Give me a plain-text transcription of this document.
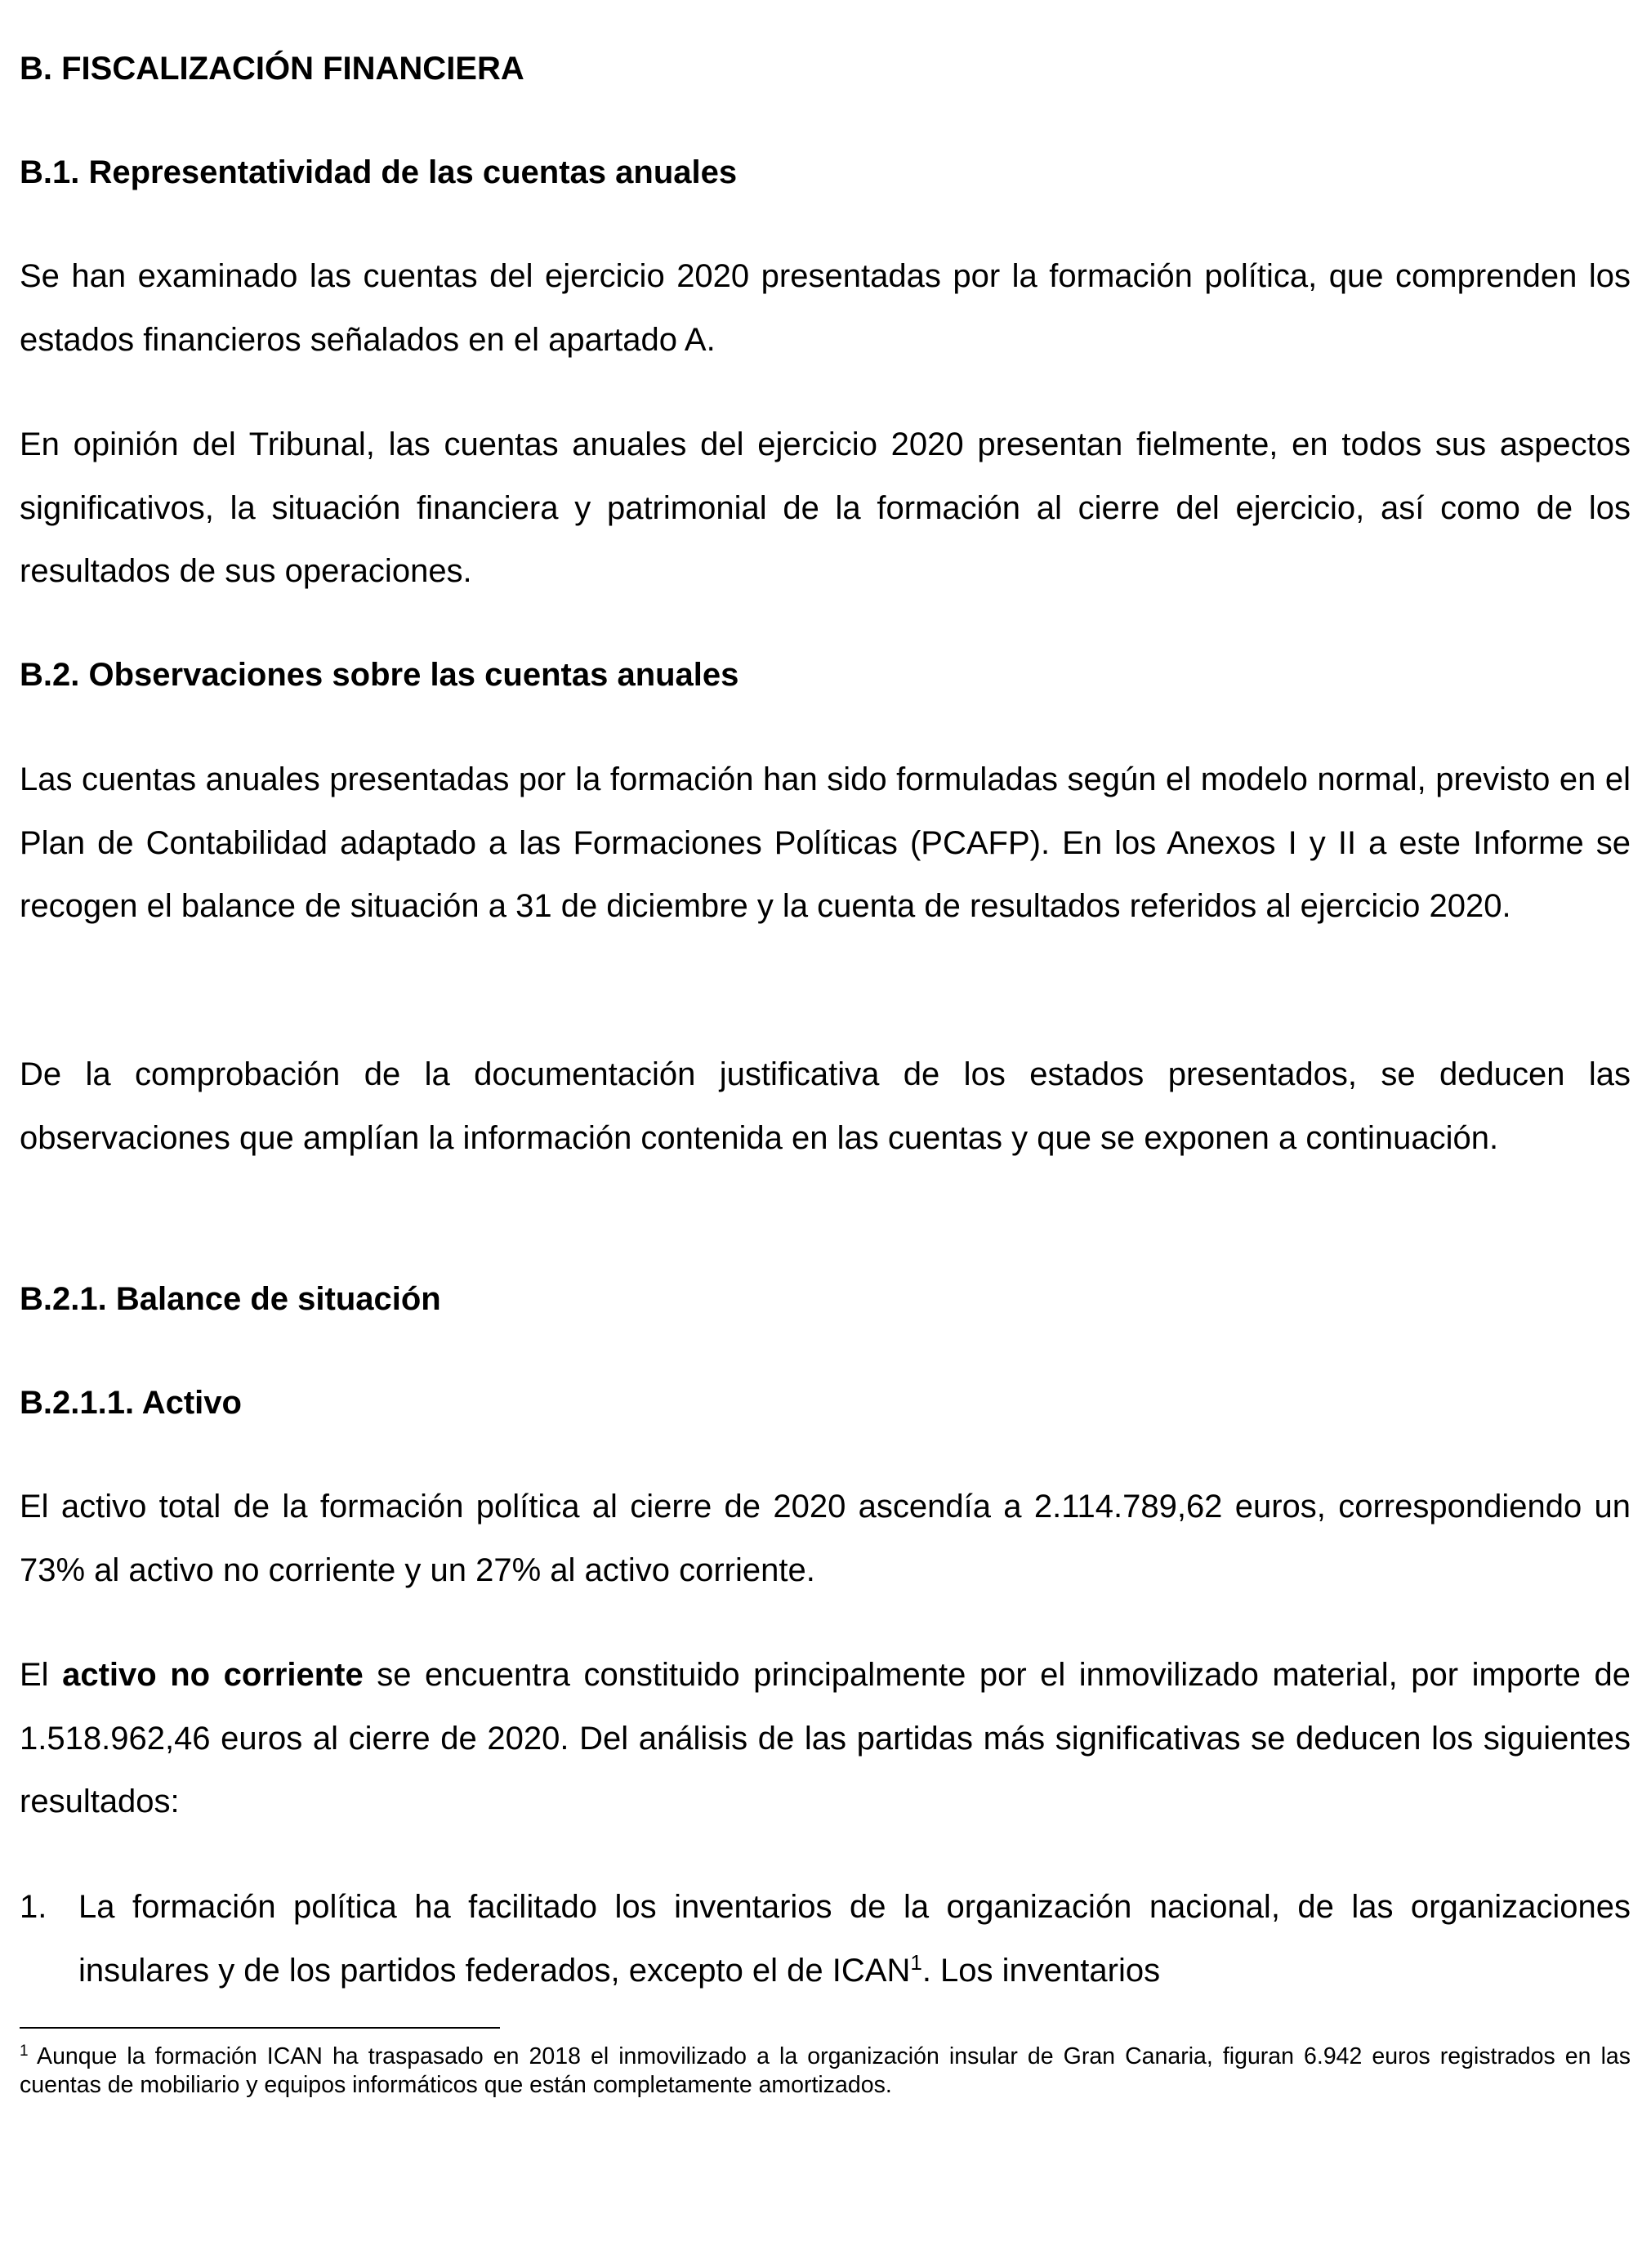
B. FISCALIZACIÓN FINANCIERA
B.1. Representatividad de las cuentas anuales

Se han examinado las cuentas del ejercicio 2020 presentadas por la formación política, que comprenden los estados financieros señalados en el apartado A.

En opinión del Tribunal, las cuentas anuales del ejercicio 2020 presentan fielmente, en todos sus aspectos significativos, la situación financiera y patrimonial de la formación al cierre del ejercicio, así como de los resultados de sus operaciones.

B.2. Observaciones sobre las cuentas anuales

Las cuentas anuales presentadas por la formación han sido formuladas según el modelo normal, previsto en el Plan de Contabilidad adaptado a las Formaciones Políticas (PCAFP). En los Anexos I y II a este Informe se recogen el balance de situación a 31 de diciembre y la cuenta de resultados referidos al ejercicio 2020.

De la comprobación de la documentación justificativa de los estados presentados, se deducen las observaciones que amplían la información contenida en las cuentas y que se exponen a continuación.

B.2.1. Balance de situación
B.2.1.1. Activo

El activo total de la formación política al cierre de 2020 ascendía a 2.114.789,62 euros, correspondiendo un 73% al activo no corriente y un 27% al activo corriente.

El activo no corriente se encuentra constituido principalmente por el inmovilizado material, por importe de 1.518.962,46 euros al cierre de 2020. Del análisis de las partidas más significativas se deducen los siguientes resultados:

1. La formación política ha facilitado los inventarios de la organización nacional, de las organizaciones insulares y de los partidos federados, excepto el de ICAN$^1$. Los inventarios
$^1$ Aunque la formación ICAN ha traspasado en 2018 el inmovilizado a la organización insular de Gran Canaria, figuran 6.942 euros registrados en las cuentas de mobiliario y equipos informáticos que están completamente amortizados.
